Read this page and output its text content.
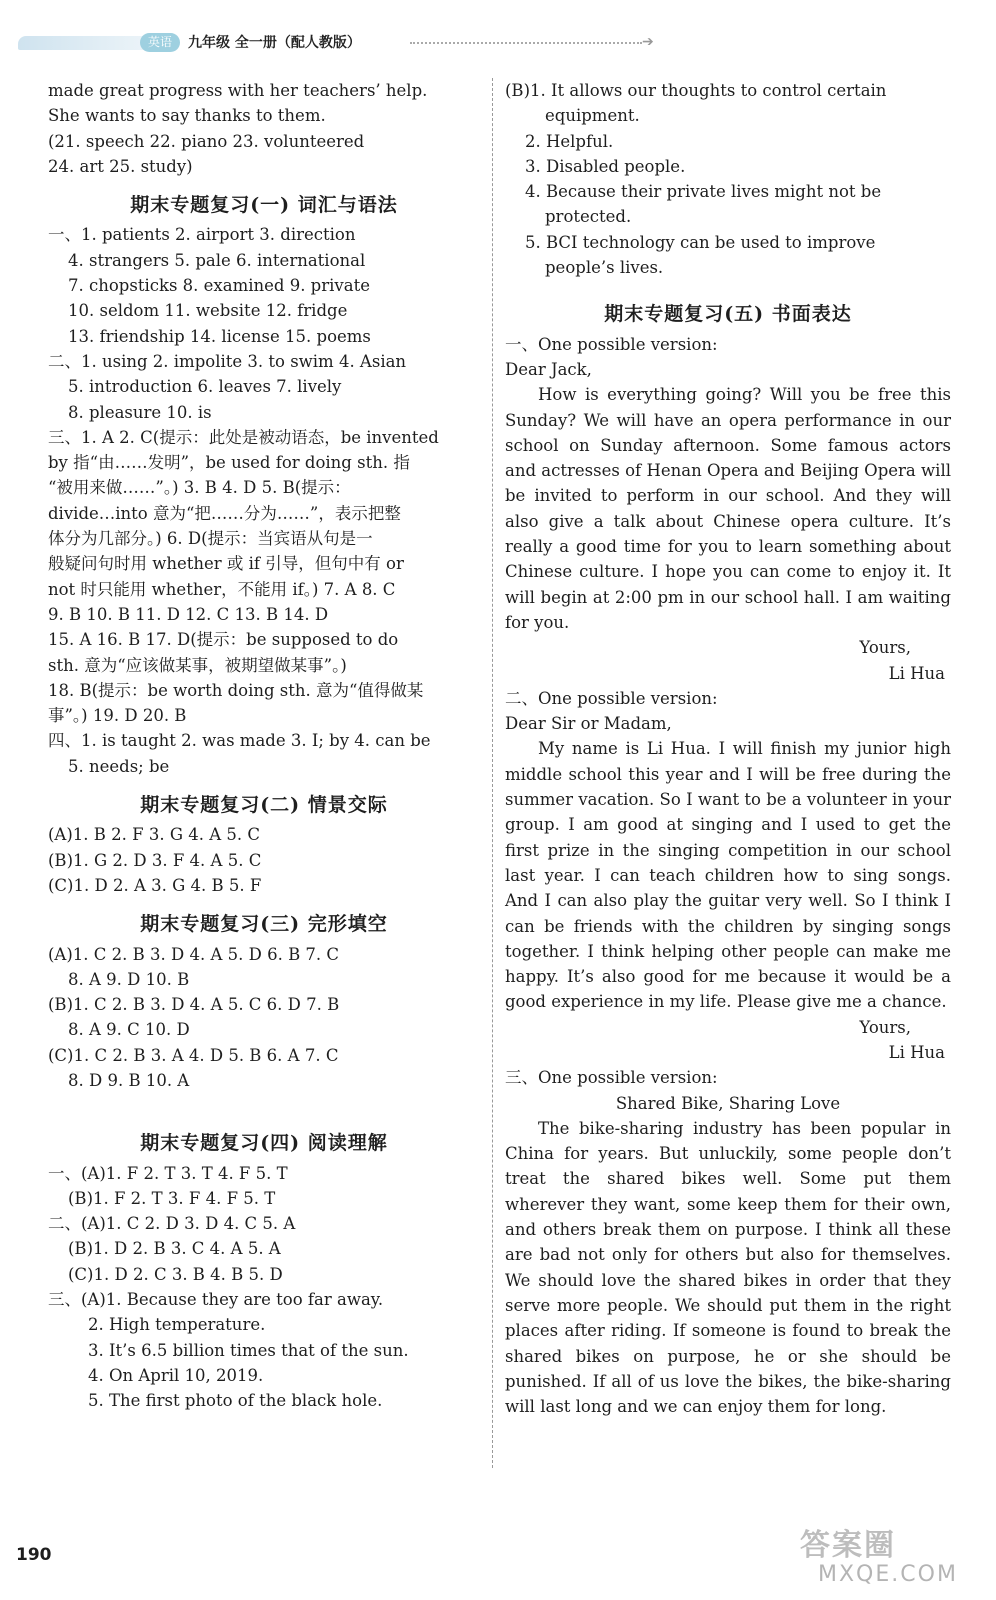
英语	九年级 全一册（配人教版）	➔

made great progress with her teachers’ help.

She wants to say thanks to them.

(21. speech 22. piano 23. volunteered

24. art 25. study)

期末专题复习(一) 词汇与语法

一、1. patients 2. airport 3. direction

4. strangers 5. pale 6. international

7. chopsticks 8. examined 9. private

10. seldom 11. website 12. fridge

13. friendship 14. license 15. poems

二、1. using 2. impolite 3. to swim 4. Asian

5. introduction 6. leaves 7. lively

8. pleasure 10. is

三、1. A 2. C(提示：此处是被动语态，be invented

by 指“由……发明”，be used for doing sth. 指

“被用来做……”。) 3. B 4. D 5. B(提示：

divide…into 意为“把……分为……”，表示把整

体分为几部分。) 6. D(提示：当宾语从句是一

般疑问句时用 whether 或 if 引导，但句中有 or

not 时只能用 whether，不能用 if。) 7. A 8. C

9. B 10. B 11. D 12. C 13. B 14. D

15. A 16. B 17. D(提示：be supposed to do

sth. 意为“应该做某事，被期望做某事”。)

18. B(提示：be worth doing sth. 意为“值得做某

事”。) 19. D 20. B

四、1. is taught 2. was made 3. I; by 4. can be

5. needs; be

期末专题复习(二) 情景交际

(A)1. B 2. F 3. G 4. A 5. C

(B)1. G 2. D 3. F 4. A 5. C

(C)1. D 2. A 3. G 4. B 5. F

期末专题复习(三) 完形填空

(A)1. C 2. B 3. D 4. A 5. D 6. B 7. C

8. A 9. D 10. B

(B)1. C 2. B 3. D 4. A 5. C 6. D 7. B

8. A 9. C 10. D

(C)1. C 2. B 3. A 4. D 5. B 6. A 7. C

8. D 9. B 10. A

期末专题复习(四) 阅读理解

一、(A)1. F 2. T 3. T 4. F 5. T

(B)1. F 2. T 3. F 4. F 5. T

二、(A)1. C 2. D 3. D 4. C 5. A

(B)1. D 2. B 3. C 4. A 5. A

(C)1. D 2. C 3. B 4. B 5. D

三、(A)1. Because they are too far away.

2. High temperature.

3. It’s 6.5 billion times that of the sun.

4. On April 10, 2019.

5. The first photo of the black hole.

(B)1. It allows our thoughts to control certain

equipment.

2. Helpful.

3. Disabled people.

4. Because their private lives might not be

protected.

5. BCI technology can be used to improve

people’s lives.

期末专题复习(五) 书面表达

一、One possible version:

Dear Jack,

How is everything going? Will you be free this Sunday? We will have an opera performance in our school on Sunday afternoon. Some famous actors and actresses of Henan Opera and Beijing Opera will be invited to perform in our school. And they will also give a talk about Chinese opera culture. It’s really a good time for you to learn something about Chinese culture. I hope you can come to enjoy it. It will begin at 2:00 pm in our school hall. I am waiting for you.

Yours,

Li Hua

二、One possible version:

Dear Sir or Madam,

My name is Li Hua. I will finish my junior high middle school this year and I will be free during the summer vacation. So I want to be a volunteer in your group. I am good at singing and I used to get the first prize in the singing competition in our school last year. I can teach children how to sing songs. And I can also play the guitar very well. So I think I can be friends with the children by singing songs together. I think helping other people can make me happy. It’s also good for me because it would be a good experience in my life. Please give me a chance.

Yours,

Li Hua

三、One possible version:

Shared Bike, Sharing Love

The bike-sharing industry has been popular in China for years. But unluckily, some people don’t treat the shared bikes well. Some put them wherever they want, some keep them for their own, and others break them on purpose. I think all these are bad not only for others but also for themselves. We should love the shared bikes in order that they serve more people. We should put them in the right places after riding. If someone is found to break the shared bikes on purpose, he or she should be punished. If all of us love the bikes, the bike-sharing will last long and we can enjoy them for long.

190	答案圈
MXQE.COM
